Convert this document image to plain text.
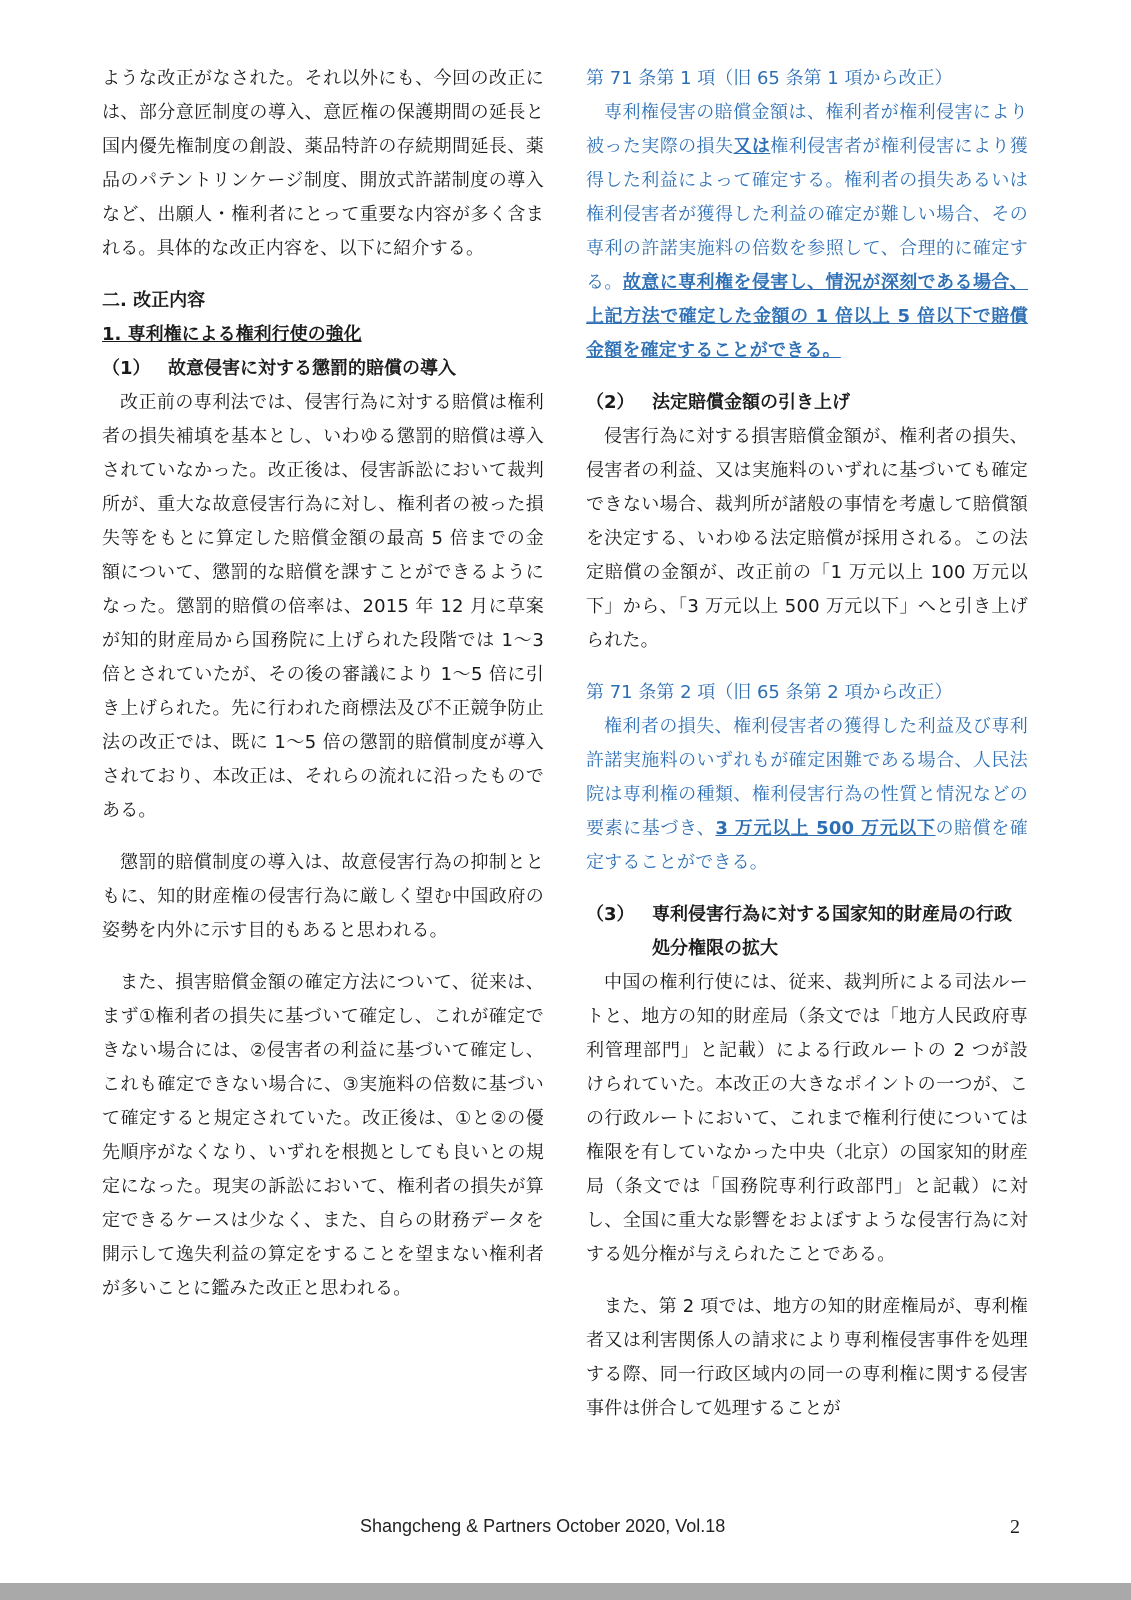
ような改正がなされた。それ以外にも、今回の改正には、部分意匠制度の導入、意匠権の保護期間の延長と国内優先権制度の創設、薬品特許の存続期間延長、薬品のパテントリンケージ制度、開放式許諾制度の導入など、出願人・権利者にとって重要な内容が多く含まれる。具体的な改正内容を、以下に紹介する。

二. 改正内容
1. 専利権による権利行使の強化
（1） 故意侵害に対する懲罰的賠償の導入

改正前の専利法では、侵害行為に対する賠償は権利者の損失補填を基本とし、いわゆる懲罰的賠償は導入されていなかった。改正後は、侵害訴訟において裁判所が、重大な故意侵害行為に対し、権利者の被った損失等をもとに算定した賠償金額の最高 5 倍までの金額について、懲罰的な賠償を課すことができるようになった。懲罰的賠償の倍率は、2015 年 12 月に草案が知的財産局から国務院に上げられた段階では 1～3 倍とされていたが、その後の審議により 1～5 倍に引き上げられた。先に行われた商標法及び不正競争防止法の改正では、既に 1～5 倍の懲罰的賠償制度が導入されており、本改正は、それらの流れに沿ったものである。

懲罰的賠償制度の導入は、故意侵害行為の抑制とともに、知的財産権の侵害行為に厳しく望む中国政府の姿勢を内外に示す目的もあると思われる。

また、損害賠償金額の確定方法について、従来は、まず①権利者の損失に基づいて確定し、これが確定できない場合には、②侵害者の利益に基づいて確定し、これも確定できない場合に、③実施料の倍数に基づいて確定すると規定されていた。改正後は、①と②の優先順序がなくなり、いずれを根拠としても良いとの規定になった。現実の訴訟において、権利者の損失が算定できるケースは少なく、また、自らの財務データを開示して逸失利益の算定をすることを望まない権利者が多いことに鑑みた改正と思われる。

第 71 条第 1 項（旧 65 条第 1 項から改正）

専利権侵害の賠償金額は、権利者が権利侵害により被った実際の損失又は権利侵害者が権利侵害により獲得した利益によって確定する。権利者の損失あるいは権利侵害者が獲得した利益の確定が難しい場合、その専利の許諾実施料の倍数を参照して、合理的に確定する。故意に専利権を侵害し、情況が深刻である場合、上記方法で確定した金額の 1 倍以上 5 倍以下で賠償金額を確定することができる。

（2） 法定賠償金額の引き上げ

侵害行為に対する損害賠償金額が、権利者の損失、侵害者の利益、又は実施料のいずれに基づいても確定できない場合、裁判所が諸般の事情を考慮して賠償額を決定する、いわゆる法定賠償が採用される。この法定賠償の金額が、改正前の「1 万元以上 100 万元以下」から、「3 万元以上 500 万元以下」へと引き上げられた。

第 71 条第 2 項（旧 65 条第 2 項から改正）

権利者の損失、権利侵害者の獲得した利益及び専利許諾実施料のいずれもが確定困難である場合、人民法院は専利権の種類、権利侵害行為の性質と情況などの要素に基づき、3 万元以上 500 万元以下の賠償を確定することができる。

（3） 専利侵害行為に対する国家知的財産局の行政処分権限の拡大

中国の権利行使には、従来、裁判所による司法ルートと、地方の知的財産局（条文では「地方人民政府専利管理部門」と記載）による行政ルートの 2 つが設けられていた。本改正の大きなポイントの一つが、この行政ルートにおいて、これまで権利行使については権限を有していなかった中央（北京）の国家知的財産局（条文では「国務院専利行政部門」と記載）に対し、全国に重大な影響をおよぼすような侵害行為に対する処分権が与えられたことである。

また、第 2 項では、地方の知的財産権局が、専利権者又は利害関係人の請求により専利権侵害事件を処理する際、同一行政区域内の同一の専利権に関する侵害事件は併合して処理することが

Shangcheng & Partners October 2020, Vol.18	2
